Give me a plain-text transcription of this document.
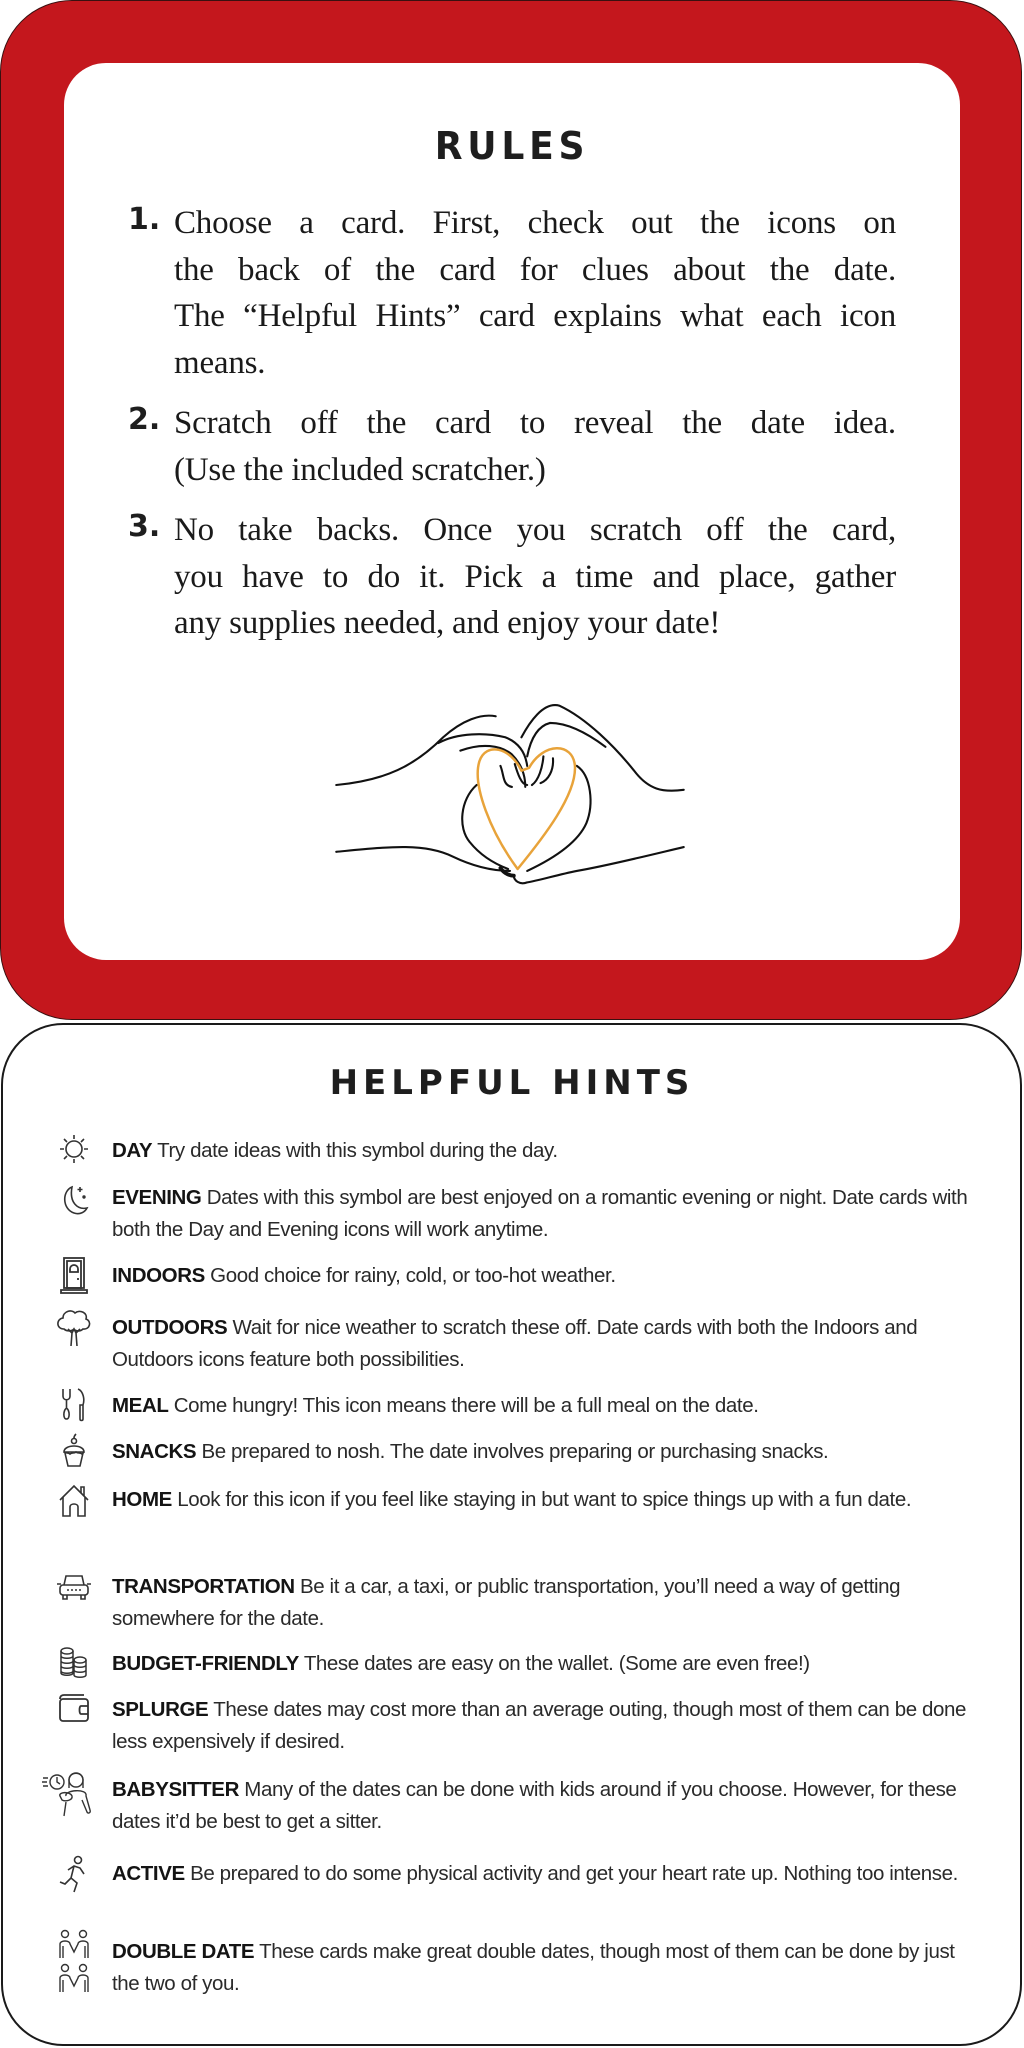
RULES
1. Choose a card. First, check out the icons on
the back of the card for clues about the date.
The “Helpful Hints” card explains what each icon
means.
2. Scratch off the card to reveal the date idea.
(Use the included scratcher.)
3. No take backs. Once you scratch off the card,
you have to do it. Pick a time and place, gather
any supplies needed, and enjoy your date!
HELPFUL HINTS
DAY Try date ideas with this symbol during the day.
EVENING Dates with this symbol are best enjoyed on a romantic evening or night. Date cards with both the Day and Evening icons will work anytime.
INDOORS Good choice for rainy, cold, or too-hot weather.
OUTDOORS Wait for nice weather to scratch these off. Date cards with both the Indoors and Outdoors icons feature both possibilities.
MEAL Come hungry! This icon means there will be a full meal on the date.
SNACKS Be prepared to nosh. The date involves preparing or purchasing snacks.
HOME Look for this icon if you feel like staying in but want to spice things up with a fun date.
TRANSPORTATION Be it a car, a taxi, or public transportation, you’ll need a way of getting somewhere for the date.
BUDGET-FRIENDLY These dates are easy on the wallet. (Some are even free!)
SPLURGE These dates may cost more than an average outing, though most of them can be done less expensively if desired.
BABYSITTER Many of the dates can be done with kids around if you choose. However, for these dates it’d be best to get a sitter.
ACTIVE Be prepared to do some physical activity and get your heart rate up. Nothing too intense.
DOUBLE DATE These cards make great double dates, though most of them can be done by just the two of you.
